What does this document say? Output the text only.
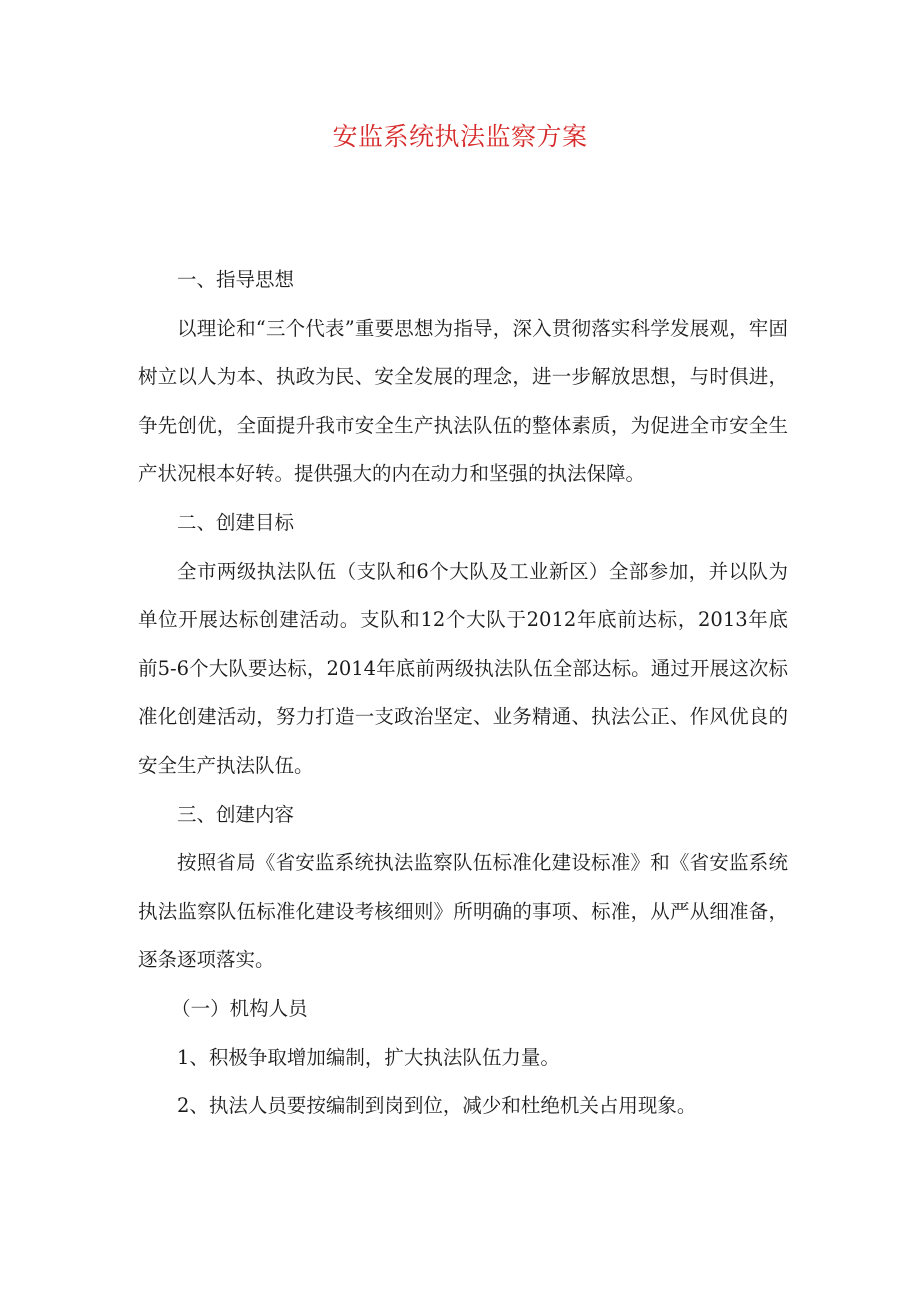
安监系统执法监察方案

一、指导思想

以理论和“三个代表”重要思想为指导，深入贯彻落实科学发展观，牢固树立以人为本、执政为民、安全发展的理念，进一步解放思想，与时俱进，争先创优，全面提升我市安全生产执法队伍的整体素质，为促进全市安全生产状况根本好转。提供强大的内在动力和坚强的执法保障。

二、创建目标

全市两级执法队伍（支队和6个大队及工业新区）全部参加，并以队为单位开展达标创建活动。支队和12个大队于2012年底前达标，2013年底前5-6个大队要达标，2014年底前两级执法队伍全部达标。通过开展这次标准化创建活动，努力打造一支政治坚定、业务精通、执法公正、作风优良的安全生产执法队伍。

三、创建内容

按照省局《省安监系统执法监察队伍标准化建设标准》和《省安监系统执法监察队伍标准化建设考核细则》所明确的事项、标准，从严从细准备，逐条逐项落实。

（一）机构人员

1、积极争取增加编制，扩大执法队伍力量。

2、执法人员要按编制到岗到位，减少和杜绝机关占用现象。
